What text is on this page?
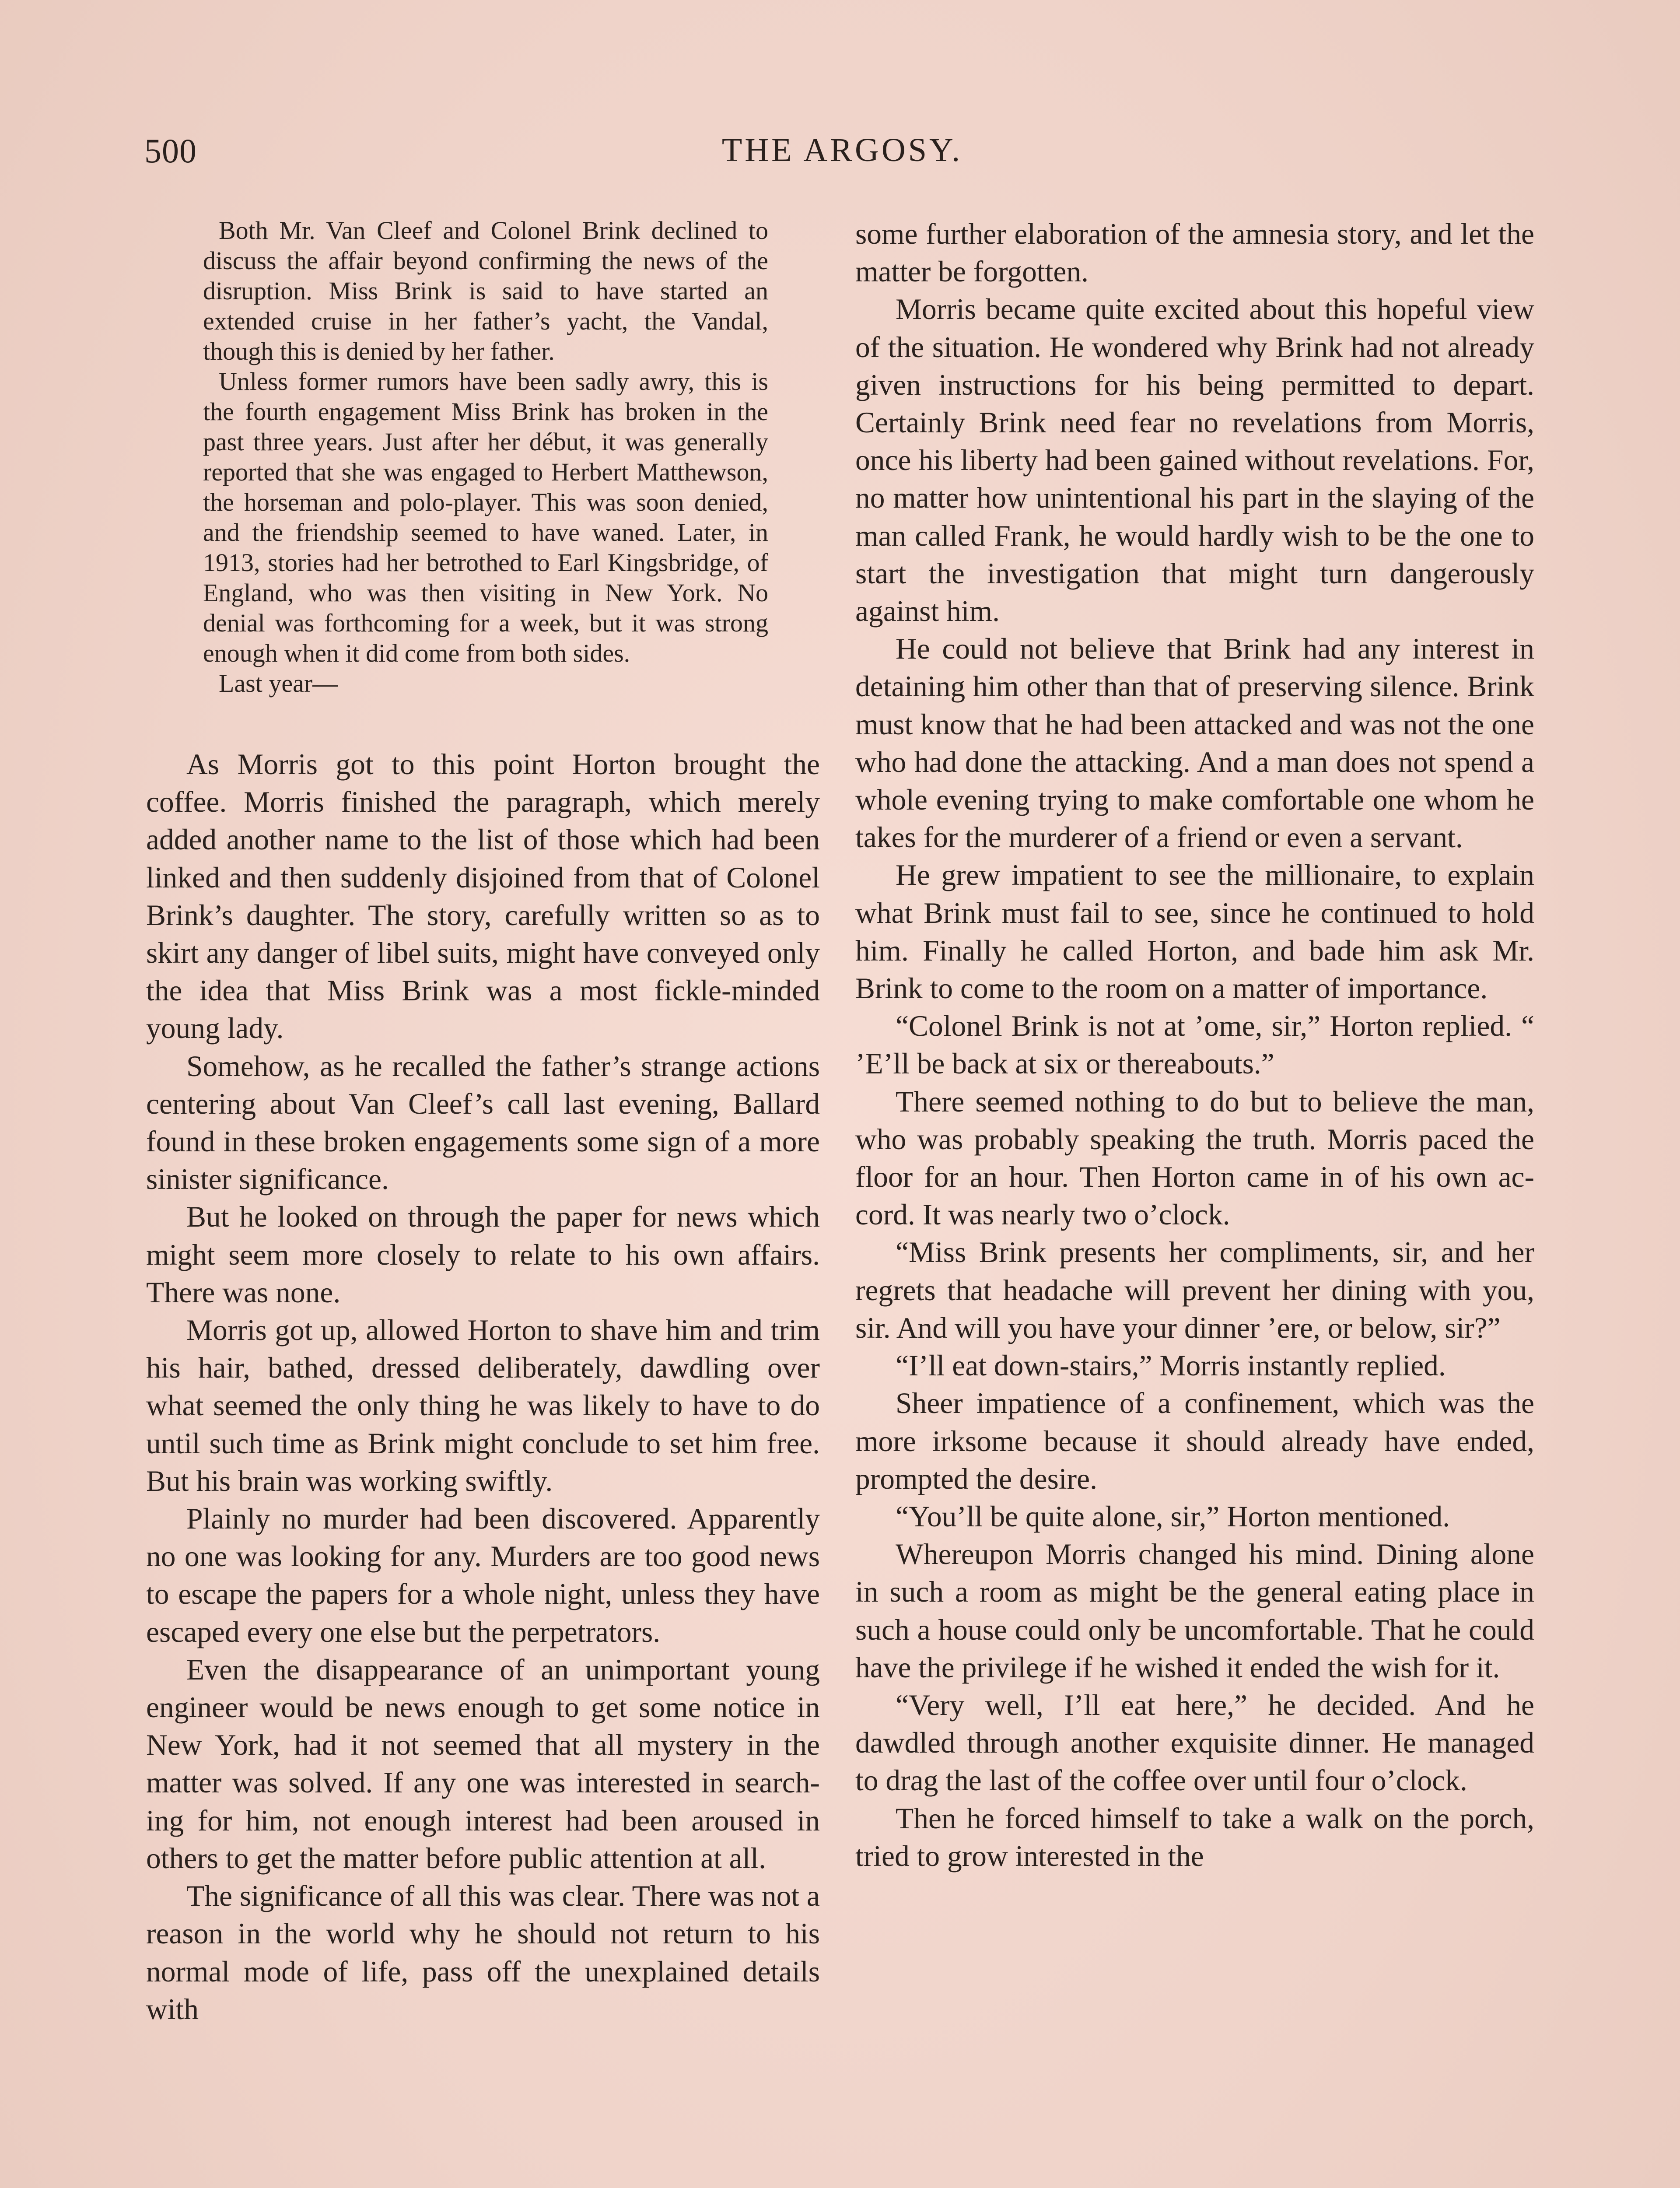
500	THE ARGOSY.

Both Mr. Van Cleef and Colonel Brink declined to discuss the affair beyond confirming the news of the disruption. Miss Brink is said to have started an extended cruise in her father’s yacht, the Vandal, though this is denied by her father.

Unless former rumors have been sadly awry, this is the fourth engagement Miss Brink has broken in the past three years. Just after her début, it was generally reported that she was engaged to Herbert Matthewson, the horseman and polo-player. This was soon denied, and the friendship seemed to have waned. Later, in 1913, stories had her betrothed to Earl Kingsbridge, of England, who was then visiting in New York. No denial was forthcoming for a week, but it was strong enough when it did come from both sides.

Last year—

As Morris got to this point Horton brought the coffee. Morris finished the paragraph, which merely added another name to the list of those which had been linked and then suddenly disjoined from that of Colonel Brink’s daughter. The story, carefully written so as to skirt any danger of libel suits, might have conveyed only the idea that Miss Brink was a most fickle-minded young lady.

Somehow, as he recalled the father’s strange actions centering about Van Cleef’s call last evening, Ballard found in these broken engagements some sign of a more sinister significance.

But he looked on through the paper for news which might seem more closely to relate to his own affairs. There was none.

Morris got up, allowed Horton to shave him and trim his hair, bathed, dressed deliberately, dawdling over what seemed the only thing he was likely to have to do until such time as Brink might conclude to set him free. But his brain was working swiftly.

Plainly no murder had been discovered. Apparently no one was looking for any. Murders are too good news to escape the papers for a whole night, unless they have escaped every one else but the perpetrators.

Even the disappearance of an unimportant young engineer would be news enough to get some notice in New York, had it not seemed that all mystery in the matter was solved. If any one was interested in searching for him, not enough interest had been aroused in others to get the matter before public attention at all.

The significance of all this was clear. There was not a reason in the world why he should not return to his normal mode of life, pass off the unexplained details with

some further elaboration of the amnesia story, and let the matter be forgotten.

Morris became quite excited about this hopeful view of the situation. He wondered why Brink had not already given instructions for his being permitted to depart. Certainly Brink need fear no revelations from Morris, once his liberty had been gained without revelations. For, no matter how unintentional his part in the slaying of the man called Frank, he would hardly wish to be the one to start the investigation that might turn dangerously against him.

He could not believe that Brink had any interest in detaining him other than that of preserving silence. Brink must know that he had been attacked and was not the one who had done the attacking. And a man does not spend a whole evening trying to make comfortable one whom he takes for the murderer of a friend or even a servant.

He grew impatient to see the millionaire, to explain what Brink must fail to see, since he continued to hold him. Finally he called Horton, and bade him ask Mr. Brink to come to the room on a matter of importance.

“Colonel Brink is not at ’ome, sir,” Horton replied. “ ’E’ll be back at six or thereabouts.”

There seemed nothing to do but to believe the man, who was probably speaking the truth. Morris paced the floor for an hour. Then Horton came in of his own accord. It was nearly two o’clock.

“Miss Brink presents her compliments, sir, and her regrets that headache will prevent her dining with you, sir. And will you have your dinner ’ere, or below, sir?”

“I’ll eat down-stairs,” Morris instantly replied.

Sheer impatience of a confinement, which was the more irksome because it should already have ended, prompted the desire.

“You’ll be quite alone, sir,” Horton mentioned.

Whereupon Morris changed his mind. Dining alone in such a room as might be the general eating place in such a house could only be uncomfortable. That he could have the privilege if he wished it ended the wish for it.

“Very well, I’ll eat here,” he decided. And he dawdled through another exquisite dinner. He managed to drag the last of the coffee over until four o’clock.

Then he forced himself to take a walk on the porch, tried to grow interested in the
